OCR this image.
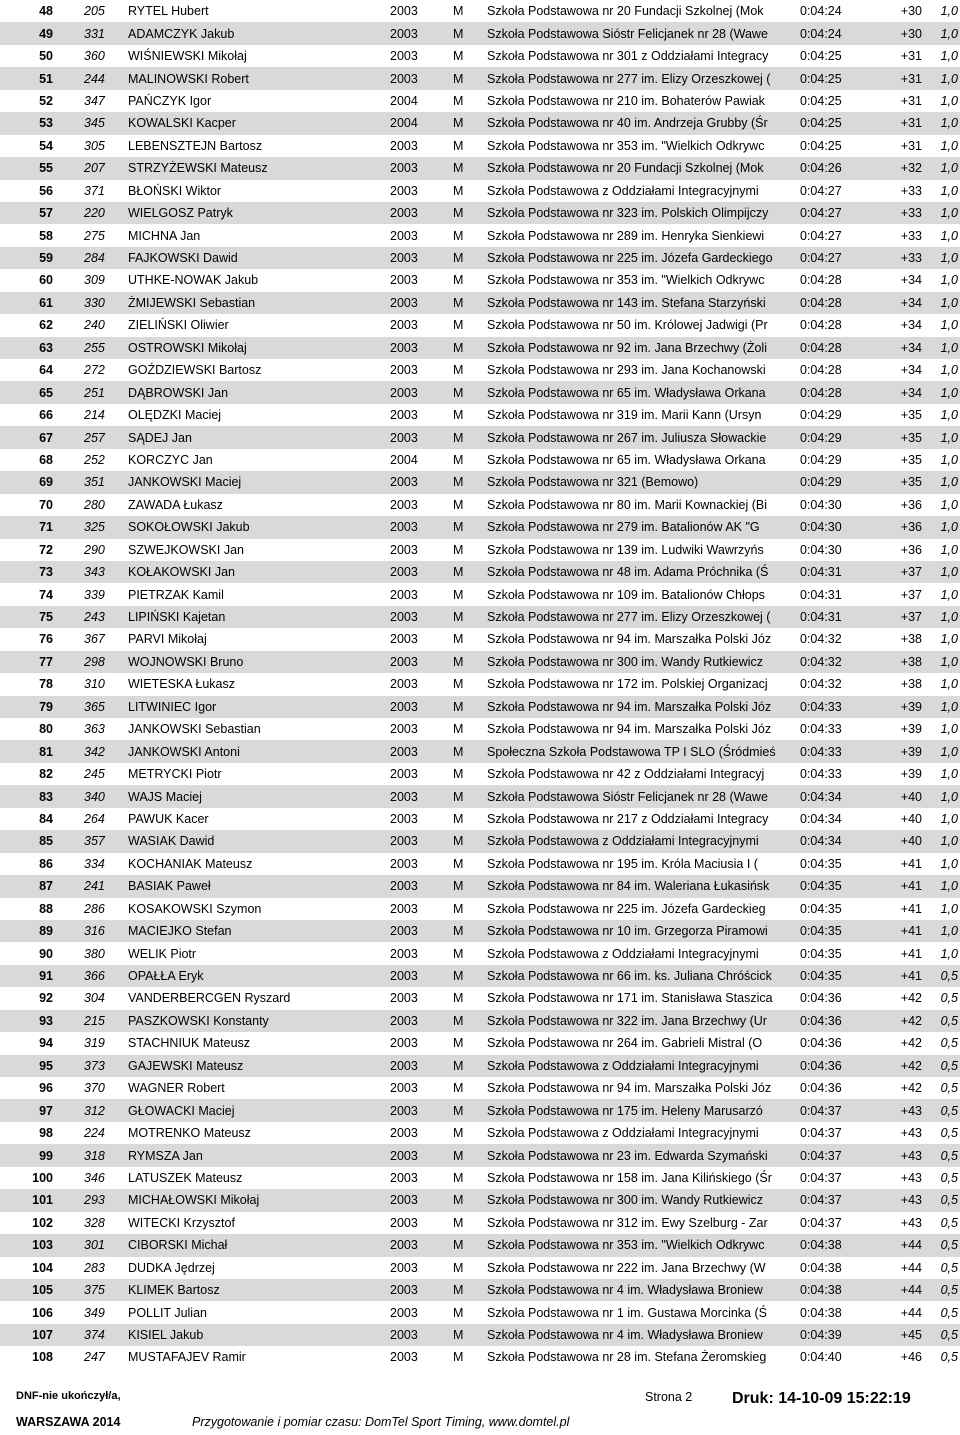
48	205	RYTEL Hubert	2003	M	Szkoła Podstawowa nr 20 Fundacji Szkolnej (Mok	0:04:24	+30	1,0
49	331	ADAMCZYK Jakub	2003	M	Szkoła Podstawowa Sióstr Felicjanek nr 28 (Wawe	0:04:24	+30	1,0
50	360	WIŚNIEWSKI Mikołaj	2003	M	Szkoła Podstawowa nr 301 z Oddziałami Integracy	0:04:25	+31	1,0
51	244	MALINOWSKI Robert	2003	M	Szkoła Podstawowa nr 277 im. Elizy Orzeszkowej (	0:04:25	+31	1,0
52	347	PAŃCZYK Igor	2004	M	Szkoła Podstawowa nr 210 im. Bohaterów Pawiak	0:04:25	+31	1,0
53	345	KOWALSKI Kacper	2004	M	Szkoła Podstawowa nr 40 im. Andrzeja Grubby (Śr	0:04:25	+31	1,0
54	305	LEBENSZTEJN Bartosz	2003	M	Szkoła Podstawowa nr 353 im. "Wielkich Odkrywc	0:04:25	+31	1,0
55	207	STRZYŻEWSKI Mateusz	2003	M	Szkoła Podstawowa nr 20 Fundacji Szkolnej (Mok	0:04:26	+32	1,0
56	371	BŁOŃSKI Wiktor	2003	M	Szkoła Podstawowa z Oddziałami Integracyjnymi	0:04:27	+33	1,0
57	220	WIELGOSZ Patryk	2003	M	Szkoła Podstawowa nr 323 im. Polskich Olimpijczy	0:04:27	+33	1,0
58	275	MICHNA Jan	2003	M	Szkoła Podstawowa nr 289 im. Henryka Sienkiewi	0:04:27	+33	1,0
59	284	FAJKOWSKI Dawid	2003	M	Szkoła Podstawowa nr 225 im. Józefa Gardeckiego	0:04:27	+33	1,0
60	309	UTHKE-NOWAK Jakub	2003	M	Szkoła Podstawowa nr 353 im. "Wielkich Odkrywc	0:04:28	+34	1,0
61	330	ŻMIJEWSKI Sebastian	2003	M	Szkoła Podstawowa nr 143 im. Stefana Starzyński	0:04:28	+34	1,0
62	240	ZIELIŃSKI Oliwier	2003	M	Szkoła Podstawowa nr 50 im. Królowej Jadwigi (Pr	0:04:28	+34	1,0
63	255	OSTROWSKI Mikołaj	2003	M	Szkoła Podstawowa nr 92 im. Jana Brzechwy (Żoli	0:04:28	+34	1,0
64	272	GOŹDZIEWSKI Bartosz	2003	M	Szkoła Podstawowa nr 293 im. Jana Kochanowski	0:04:28	+34	1,0
65	251	DĄBROWSKI Jan	2003	M	Szkoła Podstawowa nr 65 im. Władysława Orkana	0:04:28	+34	1,0
66	214	OLĘDZKI Maciej	2003	M	Szkoła Podstawowa nr 319 im. Marii Kann (Ursyn	0:04:29	+35	1,0
67	257	SĄDEJ Jan	2003	M	Szkoła Podstawowa nr 267 im. Juliusza Słowackie	0:04:29	+35	1,0
68	252	KORCZYC Jan	2004	M	Szkoła Podstawowa nr 65 im. Władysława Orkana	0:04:29	+35	1,0
69	351	JANKOWSKI Maciej	2003	M	Szkoła Podstawowa nr 321 (Bemowo)	0:04:29	+35	1,0
70	280	ZAWADA Łukasz	2003	M	Szkoła Podstawowa nr 80 im. Marii Kownackiej (Bi	0:04:30	+36	1,0
71	325	SOKOŁOWSKI Jakub	2003	M	Szkoła Podstawowa nr 279 im. Batalionów AK "G	0:04:30	+36	1,0
72	290	SZWEJKOWSKI Jan	2003	M	Szkoła Podstawowa nr 139 im. Ludwiki Wawrzyńs	0:04:30	+36	1,0
73	343	KOŁAKOWSKI Jan	2003	M	Szkoła Podstawowa nr 48 im. Adama Próchnika (Ś	0:04:31	+37	1,0
74	339	PIETRZAK Kamil	2003	M	Szkoła Podstawowa nr 109 im. Batalionów Chłops	0:04:31	+37	1,0
75	243	LIPIŃSKI Kajetan	2003	M	Szkoła Podstawowa nr 277 im. Elizy Orzeszkowej (	0:04:31	+37	1,0
76	367	PARVI Mikołaj	2003	M	Szkoła Podstawowa nr 94 im. Marszałka Polski Józ	0:04:32	+38	1,0
77	298	WOJNOWSKI Bruno	2003	M	Szkoła Podstawowa nr 300 im. Wandy Rutkiewicz	0:04:32	+38	1,0
78	310	WIETESKA Łukasz	2003	M	Szkoła Podstawowa nr 172 im. Polskiej Organizacj	0:04:32	+38	1,0
79	365	LITWINIEC Igor	2003	M	Szkoła Podstawowa nr 94 im. Marszałka Polski Józ	0:04:33	+39	1,0
80	363	JANKOWSKI Sebastian	2003	M	Szkoła Podstawowa nr 94 im. Marszałka Polski Józ	0:04:33	+39	1,0
81	342	JANKOWSKI Antoni	2003	M	Społeczna Szkoła Podstawowa TP I SLO (Śródmieś	0:04:33	+39	1,0
82	245	METRYCKI Piotr	2003	M	Szkoła Podstawowa nr 42 z Oddziałami Integracyj	0:04:33	+39	1,0
83	340	WAJS Maciej	2003	M	Szkoła Podstawowa Sióstr Felicjanek nr 28 (Wawe	0:04:34	+40	1,0
84	264	PAWUK Kacer	2003	M	Szkoła Podstawowa nr 217 z Oddziałami Integracy	0:04:34	+40	1,0
85	357	WASIAK Dawid	2003	M	Szkoła Podstawowa z Oddziałami Integracyjnymi	0:04:34	+40	1,0
86	334	KOCHANIAK Mateusz	2003	M	Szkoła Podstawowa nr 195 im. Króla Maciusia I (	0:04:35	+41	1,0
87	241	BASIAK Paweł	2003	M	Szkoła Podstawowa nr 84 im. Waleriana Łukasińsk	0:04:35	+41	1,0
88	286	KOSAKOWSKI Szymon	2003	M	Szkoła Podstawowa nr 225 im. Józefa Gardeckieg	0:04:35	+41	1,0
89	316	MACIEJKO Stefan	2003	M	Szkoła Podstawowa nr 10 im. Grzegorza Piramowi	0:04:35	+41	1,0
90	380	WELIK Piotr	2003	M	Szkoła Podstawowa z Oddziałami Integracyjnymi	0:04:35	+41	1,0
91	366	OPAŁŁA Eryk	2003	M	Szkoła Podstawowa nr 66 im. ks. Juliana Chróścick	0:04:35	+41	0,5
92	304	VANDERBERCGEN Ryszard	2003	M	Szkoła Podstawowa nr 171 im. Stanisława Staszica	0:04:36	+42	0,5
93	215	PASZKOWSKI Konstanty	2003	M	Szkoła Podstawowa nr 322 im. Jana Brzechwy (Ur	0:04:36	+42	0,5
94	319	STACHNIUK Mateusz	2003	M	Szkoła Podstawowa nr 264 im. Gabrieli Mistral (O	0:04:36	+42	0,5
95	373	GAJEWSKI Mateusz	2003	M	Szkoła Podstawowa z Oddziałami Integracyjnymi	0:04:36	+42	0,5
96	370	WAGNER Robert	2003	M	Szkoła Podstawowa nr 94 im. Marszałka Polski Józ	0:04:36	+42	0,5
97	312	GŁOWACKI Maciej	2003	M	Szkoła Podstawowa nr 175 im. Heleny Marusarzó	0:04:37	+43	0,5
98	224	MOTRENKO Mateusz	2003	M	Szkoła Podstawowa z Oddziałami Integracyjnymi	0:04:37	+43	0,5
99	318	RYMSZA Jan	2003	M	Szkoła Podstawowa nr 23 im. Edwarda Szymański	0:04:37	+43	0,5
100	346	LATUSZEK Mateusz	2003	M	Szkoła Podstawowa nr 158 im. Jana Kilińskiego (Śr	0:04:37	+43	0,5
101	293	MICHAŁOWSKI Mikołaj	2003	M	Szkoła Podstawowa nr 300 im. Wandy Rutkiewicz	0:04:37	+43	0,5
102	328	WITECKI Krzysztof	2003	M	Szkoła Podstawowa nr 312 im. Ewy Szelburg - Zar	0:04:37	+43	0,5
103	301	CIBORSKI Michał	2003	M	Szkoła Podstawowa nr 353 im. "Wielkich Odkrywc	0:04:38	+44	0,5
104	283	DUDKA Jędrzej	2003	M	Szkoła Podstawowa nr 222 im. Jana Brzechwy (W	0:04:38	+44	0,5
105	375	KLIMEK Bartosz	2003	M	Szkoła Podstawowa nr 4 im. Władysława Broniew	0:04:38	+44	0,5
106	349	POLLIT Julian	2003	M	Szkoła Podstawowa nr 1 im. Gustawa Morcinka (Ś	0:04:38	+44	0,5
107	374	KISIEL Jakub	2003	M	Szkoła Podstawowa nr 4 im. Władysława Broniew	0:04:39	+45	0,5
108	247	MUSTAFAJEV Ramir	2003	M	Szkoła Podstawowa nr 28 im. Stefana Żeromskieg	0:04:40	+46	0,5
DNF-nie ukończył/a,
WARSZAWA 2014	Przygotowanie i pomiar czasu: DomTel Sport Timing, www.domtel.pl
Strona 2 Druk: 14-10-09 15:22:19
